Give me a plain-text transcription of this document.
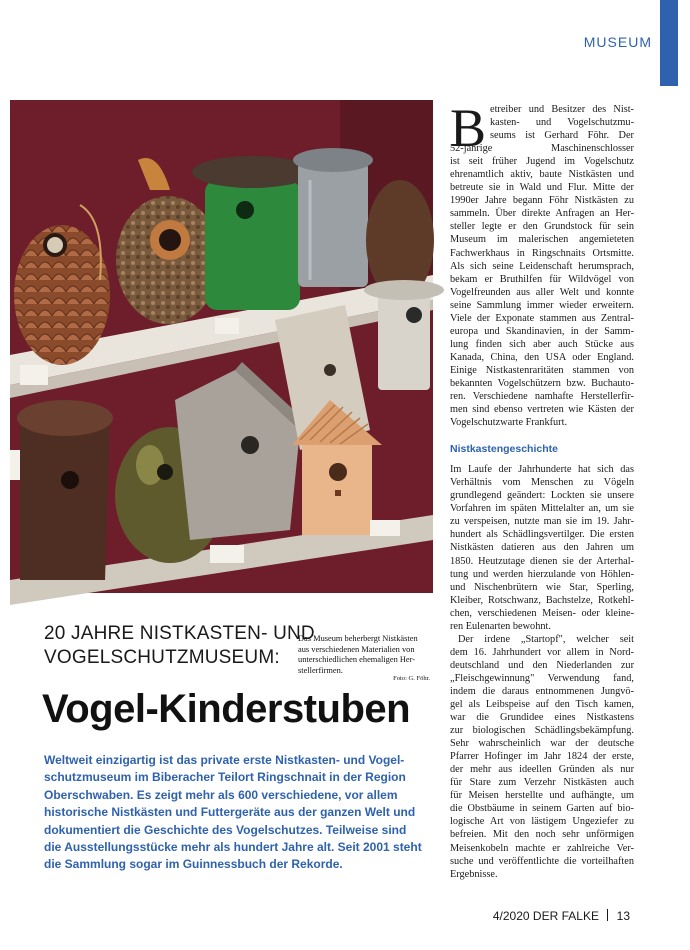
MUSEUM
Das Museum beherbergt Nistkästen
aus verschiedenen Materialien von
unterschiedlichen ehemaligen Her-
stellerfirmen.
Foto: G. Föhr.
20 JAHRE NISTKASTEN- UND
VOGELSCHUTZMUSEUM:
Vogel-Kinderstuben
Weltweit einzigartig ist das private erste Nistkasten- und Vogel-
schutzmuseum im Biberacher Teilort Ringschnait in der Region
Oberschwaben. Es zeigt mehr als 600 verschiedene, vor allem
historische Nistkästen und Futtergeräte aus der ganzen Welt und
dokumentiert die Geschichte des Vogelschutzes. Teilweise sind
die Ausstellungsstücke mehr als hundert Jahre alt. Seit 2001 steht
die Sammlung sogar im Guinnessbuch der Rekorde.
B etreiber und Besitzer des Nist-
kasten- und Vogelschutzmu-
seums ist Gerhard Föhr. Der
52-jährige Maschinenschlosser
ist seit früher Jugend im Vogelschutz
ehrenamtlich aktiv, baute Nistkästen und
betreute sie in Wald und Flur. Mitte der
1990er Jahre begann Föhr Nistkästen zu
sammeln. Über direkte Anfragen an Her-
steller legte er den Grundstock für sein
Museum im malerischen angemieteten
Fachwerkhaus in Ringschnaits Ortsmitte.
Als sich seine Leidenschaft herumsprach,
bekam er Bruthilfen für Wildvögel von
Vogelfreunden aus aller Welt und konnte
seine Sammlung immer wieder erweitern.
Viele der Exponate stammen aus Zentral-
europa und Skandinavien, in der Samm-
lung finden sich aber auch Stücke aus
Kanada, China, den USA oder England.
Einige Nistkastenraritäten stammen von
bekannten Vogelschützern bzw. Buchauto-
ren. Verschiedene namhafte Herstellerfir-
men sind ebenso vertreten wie Kästen der
Vogelschutzwarte Frankfurt.
Nistkastengeschichte
Im Laufe der Jahrhunderte hat sich das
Verhältnis vom Menschen zu Vögeln
grundlegend geändert: Lockten sie unsere
Vorfahren im späten Mittelalter an, um sie
zu verspeisen, nutzte man sie im 19. Jahr-
hundert als Schädlingsvertilger. Die ersten
Nistkästen datieren aus den Jahren um
1850. Heutzutage dienen sie der Arterhal-
tung und werden hierzulande von Höhlen-
und Nischenbrütern wie Star, Sperling,
Kleiber, Rotschwanz, Bachstelze, Rotkehl-
chen, verschiedenen Meisen- oder kleine-
ren Eulenarten bewohnt.
Der irdene „Startopf", welcher seit
dem 16. Jahrhundert vor allem in Nord-
deutschland und den Niederlanden zur
„Fleischgewinnung" Verwendung fand,
indem die daraus entnommenen Jungvö-
gel als Leibspeise auf den Tisch kamen,
war die Grundidee eines Nistkastens
zur biologischen Schädlingsbekämpfung.
Sehr wahrscheinlich war der deutsche
Pfarrer Hofinger im Jahr 1824 der erste,
der mehr aus ideellen Gründen als nur
für Stare zum Verzehr Nistkästen auch
für Meisen herstellte und aufhängte, um
die Obstbäume in seinem Garten auf bio-
logische Art von lästigem Ungeziefer zu
befreien. Mit den noch sehr unförmigen
Meisenkobeln machte er zahlreiche Ver-
suche und veröffentlichte die vorteilhaften
Ergebnisse.
4/2020 DER FALKE 13
